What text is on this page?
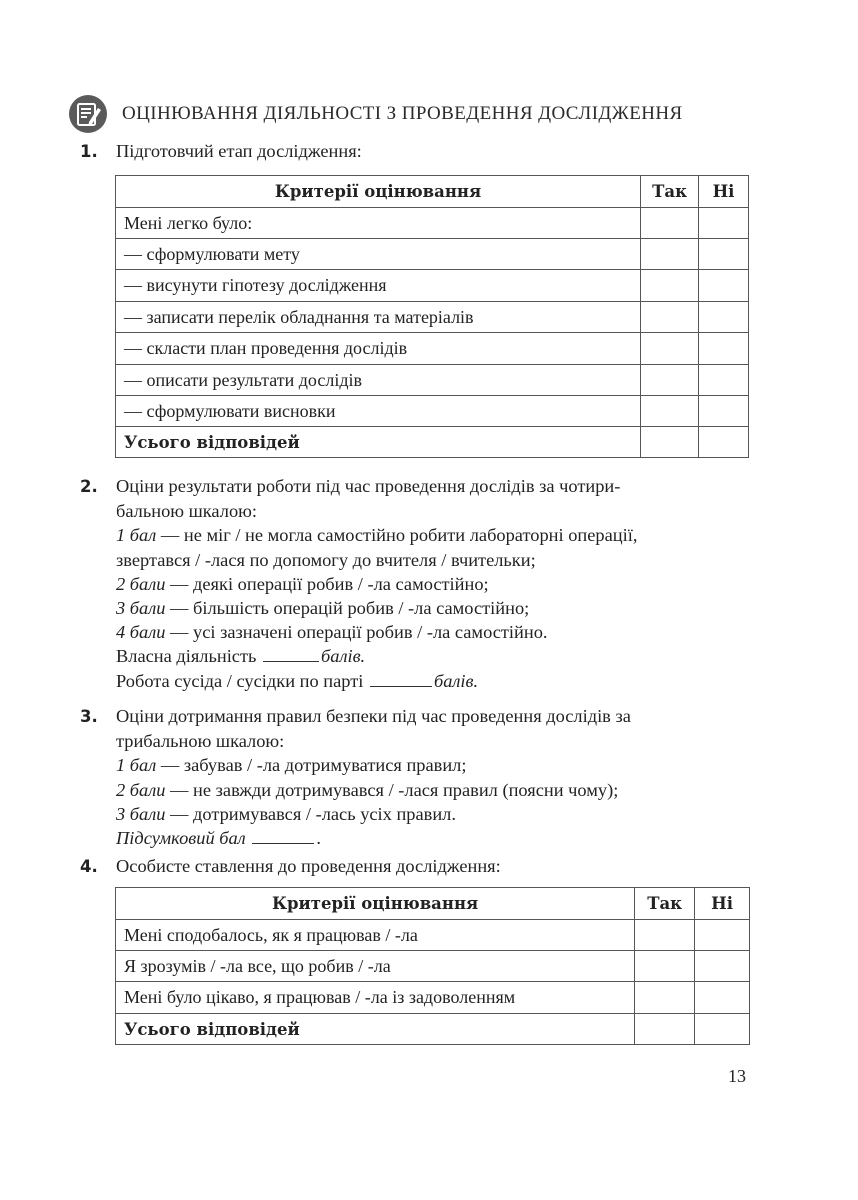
ОЦІНЮВАННЯ ДІЯЛЬНОСТІ З ПРОВЕДЕННЯ ДОСЛІДЖЕННЯ
1. Підготовчий етап дослідження:
Критерії оцінювання	Так	Ні
Мені легко було:		
— сформулювати мету		
— висунути гіпотезу дослідження		
— записати перелік обладнання та матеріалів		
— скласти план проведення дослідів		
— описати результати дослідів		
— сформулювати висновки		
Усього відповідей		
2. Оціни результати роботи під час проведення дослідів за чотири-
бальною шкалою:
1 бал — не міг / не могла самостійно робити лабораторні операції,
звертався / -лася по допомогу до вчителя / вчительки;
2 бали — деякі операції робив / -ла самостійно;
3 бали — більшість операцій робив / -ла самостійно;
4 бали — усі зазначені операції робив / -ла самостійно.
Власна діяльність	балів.
Робота сусіда / сусідки по парті	балів.
3. Оціни дотримання правил безпеки під час проведення дослідів за
трибальною шкалою:
1 бал — забував / -ла дотримуватися правил;
2 бали — не завжди дотримувався / -лася правил (поясни чому);
3 бали — дотримувався / -лась усіх правил.
Підсумковий бал	.
4. Особисте ставлення до проведення дослідження:
Критерії оцінювання	Так	Ні
Мені сподобалось, як я працював / -ла		
Я зрозумів / -ла все, що робив / -ла		
Мені було цікаво, я працював / -ла із задоволенням		
Усього відповідей		
13
